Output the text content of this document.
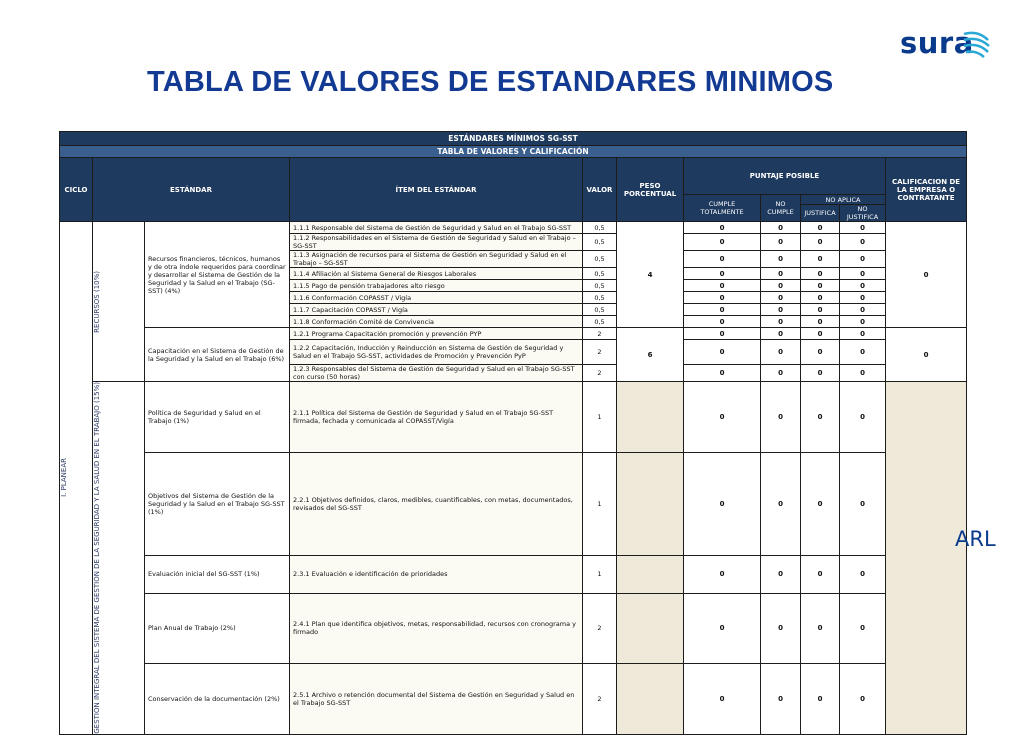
sura
TABLA DE VALORES DE ESTANDARES MINIMOS
ESTÁNDARES MÍNIMOS SG-SST										
TABLA DE VALORES Y CALIFICACIÓN										
CICLO	ESTÁNDAR		ÍTEM DEL ESTÁNDAR	VALOR	PESO PORCENTUAL	PUNTAJE POSIBLE				CALIFICACION DE LA EMPRESA O CONTRATANTE
						CUMPLE TOTALMENTE	NO CUMPLE	NO APLICA		
								JUSTIFICA	NO JUSTIFICA	

I. PLANEAR	RECURSOS (10%)	Recursos financieros, técnicos, humanos y de otra índole requeridos para coordinar y desarrollar el Sistema de Gestión de la Seguridad y la Salud en el Trabajo (SG-SST) (4%)	1.1.1 Responsable del Sistema de Gestión de Seguridad y Salud en el Trabajo SG-SST	0,5	4	0	0	0	0	0
			1.1.2 Responsabilidades en el Sistema de Gestión de Seguridad y Salud en el Trabajo – SG-SST	0,5		0	0	0	0	
			1.1.3 Asignación de recursos para el Sistema de Gestión en Seguridad y Salud en el Trabajo – SG-SST	0,5		0	0	0	0	
			1.1.4 Afiliación al Sistema General de Riesgos Laborales	0,5		0	0	0	0	
			1.1.5 Pago de pensión trabajadores alto riesgo	0,5		0	0	0	0	
			1.1.6 Conformación COPASST / Vigía	0,5		0	0	0	0	
			1.1.7 Capacitación COPASST / Vigía	0,5		0	0	0	0	
			1.1.8 Conformación Comité de Convivencia	0,5		0	0	0	0	
		Capacitación en el Sistema de Gestión de la Seguridad y la Salud en el Trabajo (6%)	1.2.1 Programa Capacitación promoción y prevención PYP	2	6	0	0	0	0	0
			1.2.2 Capacitación, Inducción y Reinducción en Sistema de Gestión de Seguridad y Salud en el Trabajo SG-SST, actividades de Promoción y Prevención PyP	2		0	0	0	0	
			1.2.3 Responsables del Sistema de Gestión de Seguridad y Salud en el Trabajo SG-SST con curso (50 horas)	2		0	0	0	0	

	GESTIÓN INTEGRAL DEL SISTEMA DE GESTIÓN DE LA SEGURIDAD Y LA SALUD EN EL TRABAJO (15%)	Política de Seguridad y Salud en el Trabajo (1%)	2.1.1 Política del Sistema de Gestión de Seguridad y Salud en el Trabajo SG-SST firmada, fechada y comunicada al COPASST/Vigía	1		0	0	0	0	
		Objetivos del Sistema de Gestión de la Seguridad y la Salud en el Trabajo SG-SST (1%)	2.2.1 Objetivos definidos, claros, medibles, cuantificables, con metas, documentados, revisados del SG-SST	1		0	0	0	0	
		Evaluación inicial del SG-SST (1%)	2.3.1 Evaluación e identificación de prioridades	1		0	0	0	0	
		Plan Anual de Trabajo (2%)	2.4.1 Plan que identifica objetivos, metas, responsabilidad, recursos con cronograma y firmado	2		0	0	0	0	
		Conservación de la documentación (2%)	2.5.1 Archivo o retención documental del Sistema de Gestión en Seguridad y Salud en el Trabajo SG-SST	2		0	0	0	0	
ARL
